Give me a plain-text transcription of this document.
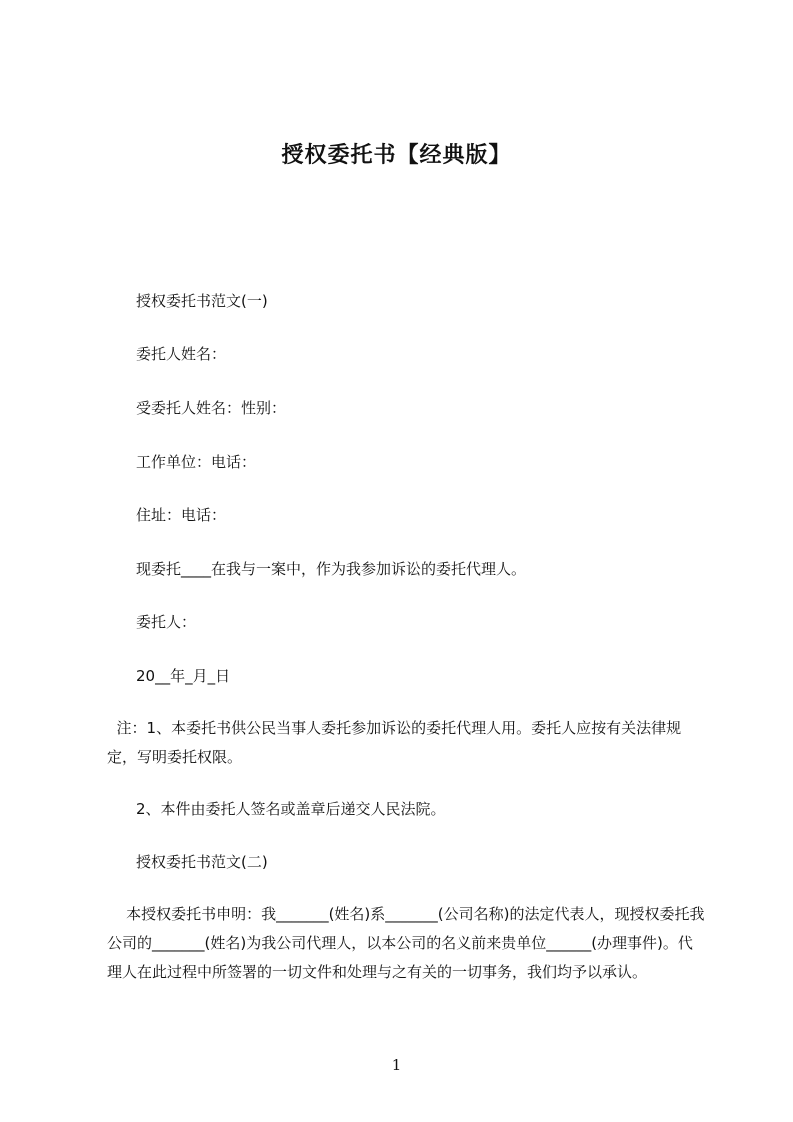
授权委托书【经典版】

授权委托书范文(一)

委托人姓名：

受委托人姓名：性别：

工作单位：电话：

住址：电话：

现委托____在我与一案中，作为我参加诉讼的委托代理人。

委托人：

20__年_月_日

注：1、本委托书供公民当事人委托参加诉讼的委托代理人用。委托人应按有关法律规定，写明委托权限。

2、本件由委托人签名或盖章后递交人民法院。

授权委托书范文(二)

本授权委托书申明：我_______(姓名)系_______(公司名称)的法定代表人，现授权委托我公司的_______(姓名)为我公司代理人，以本公司的名义前来贵单位______(办理事件)。代理人在此过程中所签署的一切文件和处理与之有关的一切事务，我们均予以承认。

1
